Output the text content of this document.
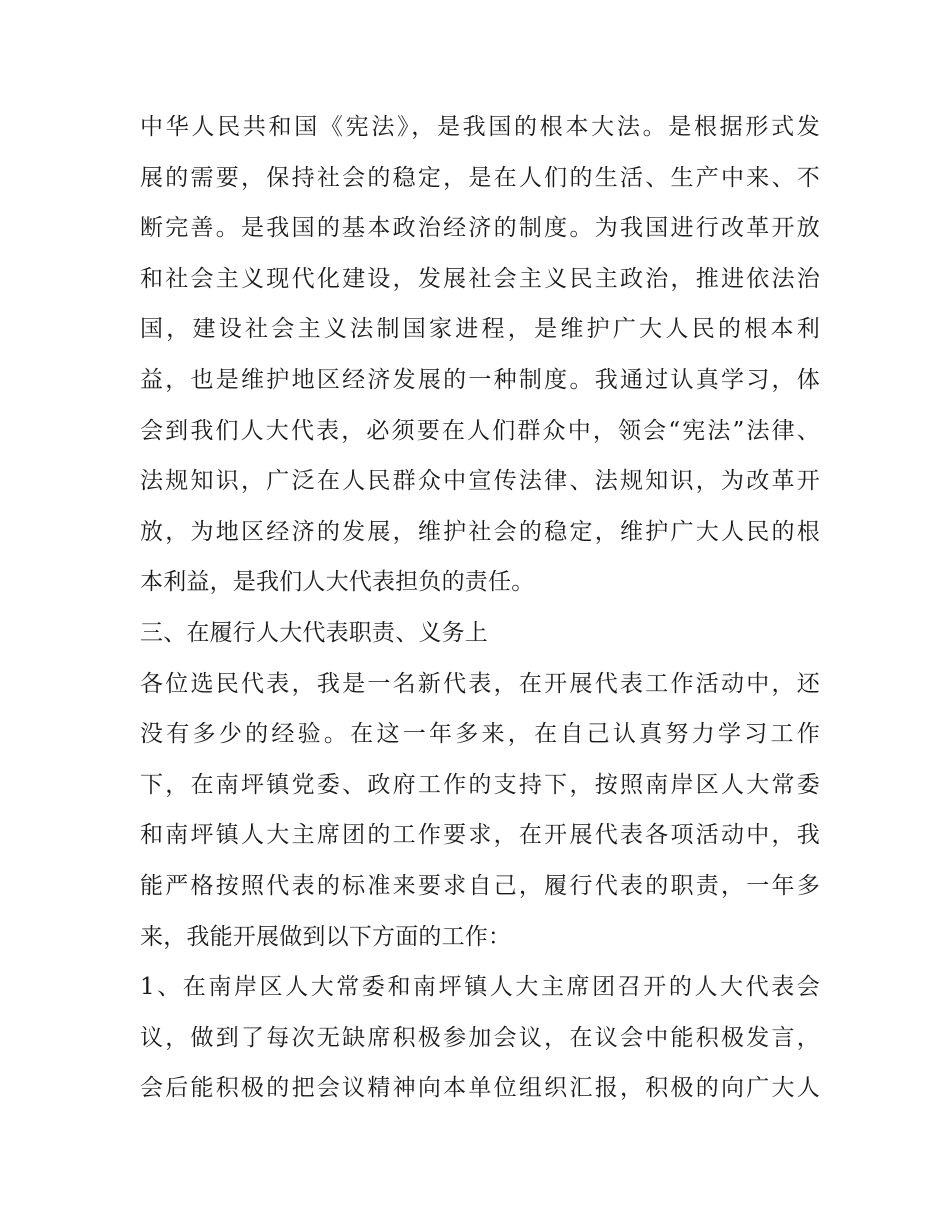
中华人民共和国《宪法》，是我国的根本大法。是根据形式发
展的需要，保持社会的稳定，是在人们的生活、生产中来、不
断完善。是我国的基本政治经济的制度。为我国进行改革开放
和社会主义现代化建设，发展社会主义民主政治，推进依法治
国，建设社会主义法制国家进程，是维护广大人民的根本利
益，也是维护地区经济发展的一种制度。我通过认真学习，体
会到我们人大代表，必须要在人们群众中，领会“宪法”法律、
法规知识，广泛在人民群众中宣传法律、法规知识，为改革开
放，为地区经济的发展，维护社会的稳定，维护广大人民的根
本利益，是我们人大代表担负的责任。
三、在履行人大代表职责、义务上
各位选民代表，我是一名新代表，在开展代表工作活动中，还
没有多少的经验。在这一年多来，在自己认真努力学习工作
下，在南坪镇党委、政府工作的支持下，按照南岸区人大常委
和南坪镇人大主席团的工作要求，在开展代表各项活动中，我
能严格按照代表的标准来要求自己，履行代表的职责，一年多
来，我能开展做到以下方面的工作：
1、在南岸区人大常委和南坪镇人大主席团召开的人大代表会
议，做到了每次无缺席积极参加会议，在议会中能积极发言，
会后能积极的把会议精神向本单位组织汇报，积极的向广大人
